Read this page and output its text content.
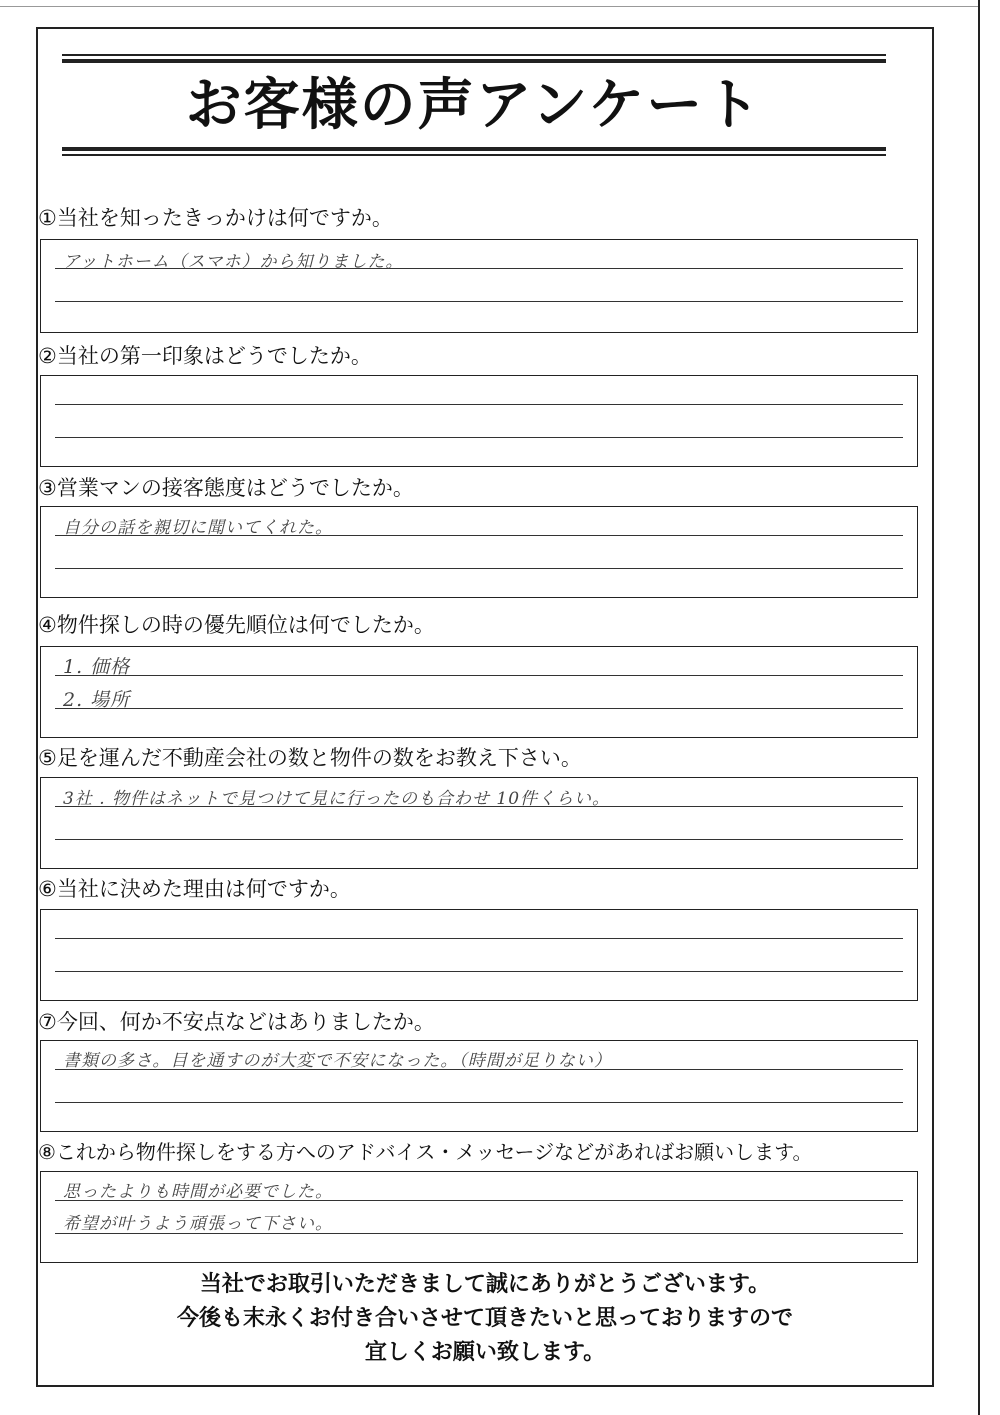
お客様の声アンケート
①当社を知ったきっかけは何ですか。
アットホーム（スマホ）から知りました。
②当社の第一印象はどうでしたか。
③営業マンの接客態度はどうでしたか。
自分の話を親切に聞いてくれた。
④物件探しの時の優先順位は何でしたか。
1. 価格
2. 場所
⑤足を運んだ不動産会社の数と物件の数をお教え下さい。
3社 . 物件はネットで見つけて見に行ったのも合わせ 10件くらい。
⑥当社に決めた理由は何ですか。
⑦今回、何か不安点などはありましたか。
書類の多さ。目を通すのが大変で不安になった。（時間が足りない）
⑧これから物件探しをする方へのアドバイス・メッセージなどがあればお願いします。
思ったよりも時間が必要でした。
希望が叶うよう頑張って下さい。
当社でお取引いただきまして誠にありがとうございます。
今後も末永くお付き合いさせて頂きたいと思っておりますので
宜しくお願い致します。
